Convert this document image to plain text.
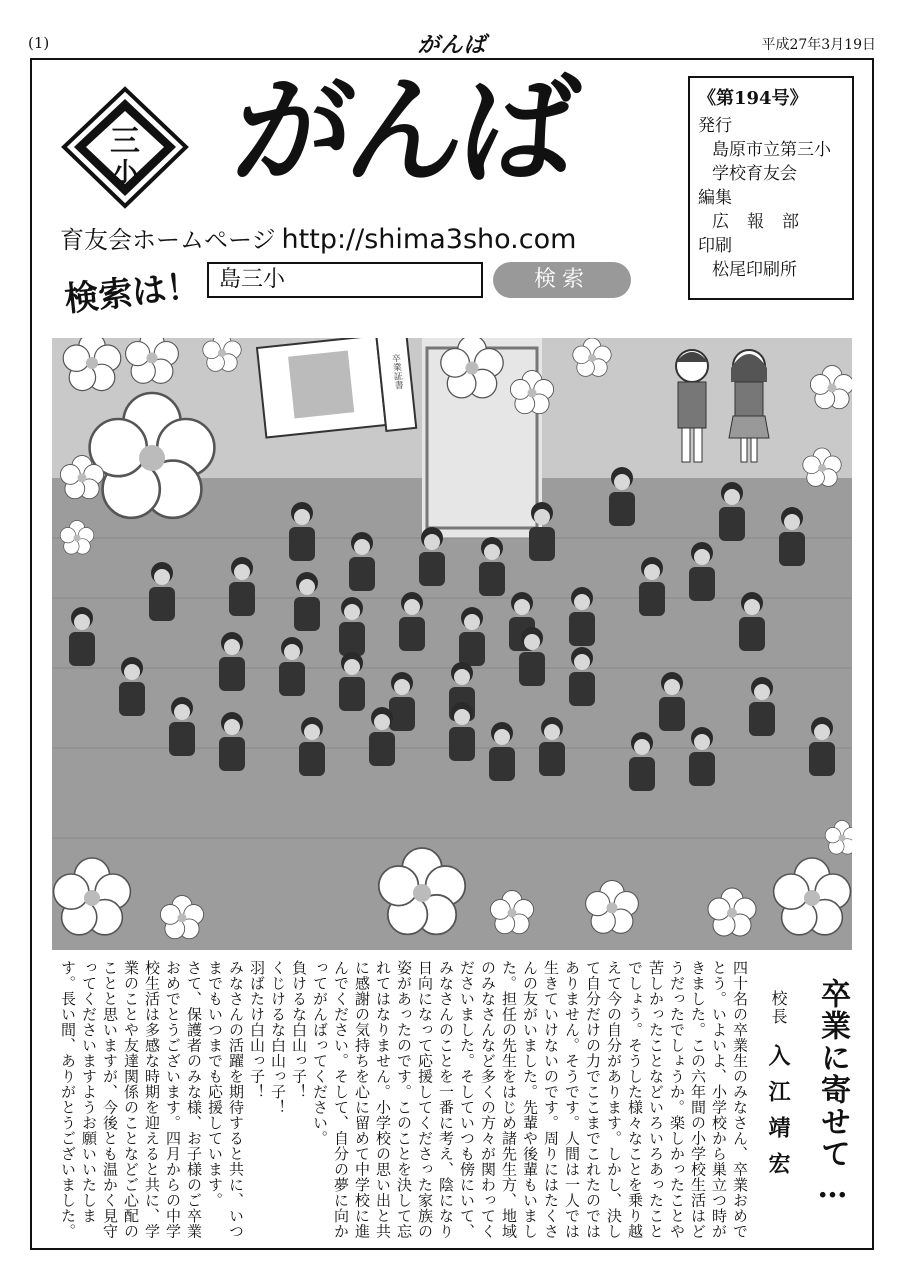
(1)	がんば	平成27年3月19日
三
小 がんば	《第194号》
発行
島原市立第三小学校育友会
編集
広報部
印刷
松尾印刷所
育友会ホームページ http://shima3sho.com
検索は！ 島三小	検索
卒業証書
卒業に寄せて…
校長　入江靖宏

四十名の卒業生のみなさん、卒業おめでとう。いよいよ、小学校から巣立つ時がきました。この六年間の小学校生活はどうだったでしょうか。楽しかったことや苦しかったことなどいろいろあったことでしょう。そうした様々なことを乗り越えて今の自分があります。しかし、決して自分だけの力でここまでこれたのではありません。そうです。人間は一人では生きていけないのです。周りにはたくさんの友がいました。先輩や後輩もいました。担任の先生をはじめ諸先生方、地域のみなさんなど多くの方々が関わってくださいました。そしていつも傍にいて、みなさんのことを一番に考え、陰になり日向になって応援してくださった家族の姿があったのです。このことを決して忘れてはなりません。小学校の思い出と共に感謝の気持ちを心に留めて中学校に進んでください。そして、自分の夢に向かってがんばってください。

負けるな白山っ子！

くじけるな白山っ子！

羽ばたけ白山っ子！

みなさんの活躍を期待すると共に、いつまでもいつまでも応援しています。

さて、保護者のみな様、お子様のご卒業おめでとうございます。四月からの中学校生活は多感な時期を迎えると共に、学業のことや友達関係のことなどご心配のことと思いますが、今後とも温かく見守ってくださいますようお願いいたします。長い間、ありがとうございました。
